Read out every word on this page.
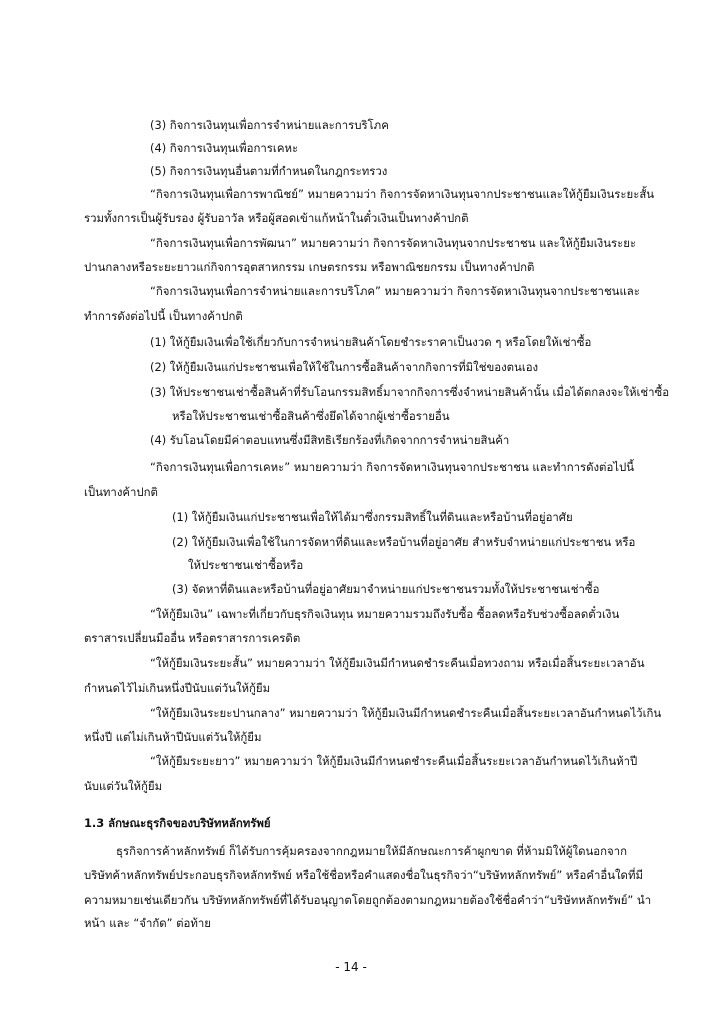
(3) กิจการเงินทุนเพื่อการจำหน่ายและการบริโภค

(4) กิจการเงินทุนเพื่อการเคหะ

(5) กิจการเงินทุนอื่นตามที่กำหนดในกฎกระทรวง

“กิจการเงินทุนเพื่อการพาณิชย์” หมายความว่า กิจการจัดหาเงินทุนจากประชาชนและให้กู้ยืมเงินระยะสั้น

รวมทั้งการเป็นผู้รับรอง ผู้รับอาวัล หรือผู้สอดเข้าแก้หน้าในตั๋วเงินเป็นทางค้าปกติ

“กิจการเงินทุนเพื่อการพัฒนา” หมายความว่า กิจการจัดหาเงินทุนจากประชาชน และให้กู้ยืมเงินระยะ

ปานกลางหรือระยะยาวแก่กิจการอุตสาหกรรม เกษตรกรรม หรือพาณิชยกรรม เป็นทางค้าปกติ

“กิจการเงินทุนเพื่อการจำหน่ายและการบริโภค” หมายความว่า กิจการจัดหาเงินทุนจากประชาชนและ

ทำการดังต่อไปนี้ เป็นทางค้าปกติ

(1) ให้กู้ยืมเงินเพื่อใช้เกี่ยวกับการจำหน่ายสินค้าโดยชำระราคาเป็นงวด ๆ หรือโดยให้เช่าซื้อ

(2) ให้กู้ยืมเงินแก่ประชาชนเพื่อให้ใช้ในการซื้อสินค้าจากกิจการที่มิใช่ของตนเอง

(3) ให้ประชาชนเช่าซื้อสินค้าที่รับโอนกรรมสิทธิ์มาจากกิจการซึ่งจำหน่ายสินค้านั้น เมื่อได้ตกลงจะให้เช่าซื้อ

หรือให้ประชาชนเช่าซื้อสินค้าซึ่งยึดได้จากผู้เช่าซื้อรายอื่น

(4) รับโอนโดยมีค่าตอบแทนซึ่งมีสิทธิเรียกร้องที่เกิดจากการจำหน่ายสินค้า

“กิจการเงินทุนเพื่อการเคหะ” หมายความว่า กิจการจัดหาเงินทุนจากประชาชน และทำการดังต่อไปนี้

เป็นทางค้าปกติ

(1) ให้กู้ยืมเงินแก่ประชาชนเพื่อให้ได้มาซึ่งกรรมสิทธิ์ในที่ดินและหรือบ้านที่อยู่อาศัย

(2) ให้กู้ยืมเงินเพื่อใช้ในการจัดหาที่ดินและหรือบ้านที่อยู่อาศัย สำหรับจำหน่ายแก่ประชาชน หรือ

ให้ประชาชนเช่าซื้อหรือ

(3) จัดหาที่ดินและหรือบ้านที่อยู่อาศัยมาจำหน่ายแก่ประชาชนรวมทั้งให้ประชาชนเช่าซื้อ

“ให้กู้ยืมเงิน” เฉพาะที่เกี่ยวกับธุรกิจเงินทุน หมายความรวมถึงรับซื้อ ซื้อลดหรือรับช่วงซื้อลดตั๋วเงิน

ตราสารเปลี่ยนมืออื่น หรือตราสารการเครดิต

“ให้กู้ยืมเงินระยะสั้น” หมายความว่า ให้กู้ยืมเงินมีกำหนดชำระคืนเมื่อทวงถาม หรือเมื่อสิ้นระยะเวลาอัน

กำหนดไว้ไม่เกินหนึ่งปีนับแต่วันให้กู้ยืม

“ให้กู้ยืมเงินระยะปานกลาง” หมายความว่า ให้กู้ยืมเงินมีกำหนดชำระคืนเมื่อสิ้นระยะเวลาอันกำหนดไว้เกิน

หนึ่งปี แต่ไม่เกินห้าปีนับแต่วันให้กู้ยืม

“ให้กู้ยืมระยะยาว” หมายความว่า ให้กู้ยืมเงินมีกำหนดชำระคืนเมื่อสิ้นระยะเวลาอันกำหนดไว้เกินห้าปี

นับแต่วันให้กู้ยืม

1.3 ลักษณะธุรกิจของบริษัทหลักทรัพย์

ธุรกิจการค้าหลักทรัพย์ ก็ได้รับการคุ้มครองจากกฎหมายให้มีลักษณะการค้าผูกขาด ที่ห้ามมิให้ผู้ใดนอกจาก

บริษัทค้าหลักทรัพย์ประกอบธุรกิจหลักทรัพย์ หรือใช้ชื่อหรือคำแสดงชื่อในธุรกิจว่า“บริษัทหลักทรัพย์” หรือคำอื่นใดที่มี

ความหมายเช่นเดียวกัน บริษัทหลักทรัพย์ที่ได้รับอนุญาตโดยถูกต้องตามกฎหมายต้องใช้ชื่อคำว่า“บริษัทหลักทรัพย์” นำ

หน้า และ “จำกัด” ต่อท้าย

- 14 -
